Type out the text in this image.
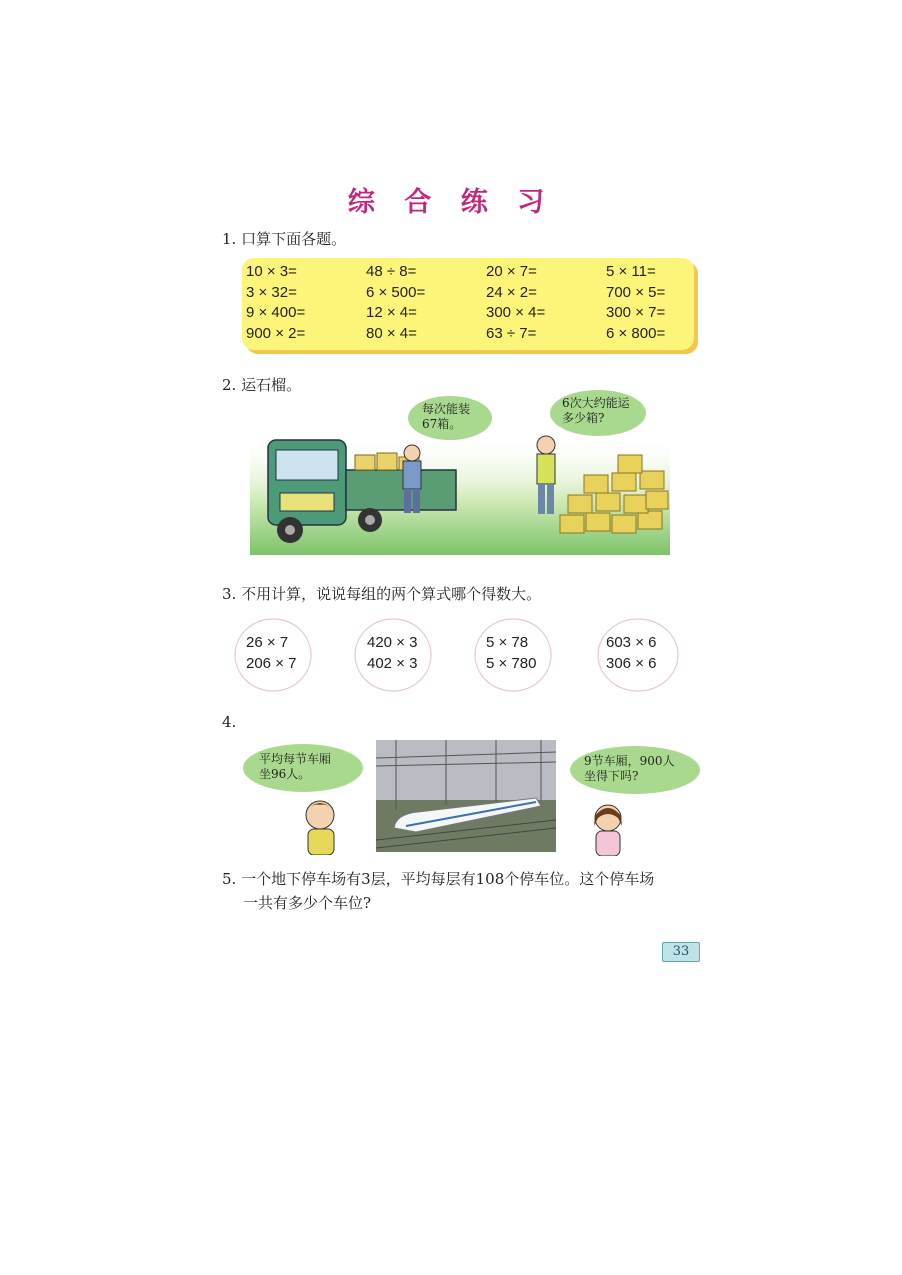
综 合 练 习
1. 口算下面各题。
10 × 3=	48 ÷ 8=	20 × 7=	5 × 11=
3 × 32=	6 × 500=	24 × 2=	700 × 5=
9 × 400=	12 × 4=	300 × 4=	300 × 7=
900 × 2=	80 × 4=	63 ÷ 7=	6 × 800=
2. 运石榴。
每次能装
67箱。
6次大约能运
多少箱?
3. 不用计算，说说每组的两个算式哪个得数大。
26 × 7
206 × 7
420 × 3
402 × 3
5 × 78
5 × 780
603 × 6
306 × 6
4.
平均每节车厢
坐96人。
9节车厢，900人
坐得下吗?
5. 一个地下停车场有3层，平均每层有108个停车位。这个停车场
一共有多少个车位?
33
